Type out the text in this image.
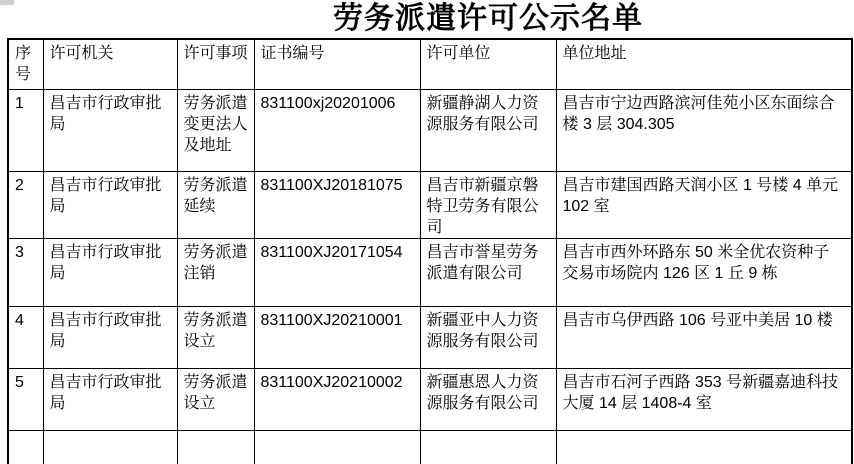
劳务派遣许可公示名单
序号	许可机关	许可事项	证书编号	许可单位	单位地址
1	昌吉市行政审批局	劳务派遣变更法人及地址	831100xj20201006	新疆静湖人力资源服务有限公司	昌吉市宁边西路滨河佳苑小区东面综合楼 3 层 304.305
2	昌吉市行政审批局	劳务派遣延续	831100XJ20181075	昌吉市新疆京磐特卫劳务有限公司	昌吉市建国西路天润小区 1 号楼 4 单元 102 室
3	昌吉市行政审批局	劳务派遣注销	831100XJ20171054	昌吉市誉星劳务派遣有限公司	昌吉市西外环路东 50 米全优农资种子交易市场院内 126 区 1 丘 9 栋
4	昌吉市行政审批局	劳务派遣设立	831100XJ20210001	新疆亚中人力资源服务有限公司	昌吉市乌伊西路 106 号亚中美居 10 楼
5	昌吉市行政审批局	劳务派遣设立	831100XJ20210002	新疆惠恩人力资源服务有限公司	昌吉市石河子西路 353 号新疆嘉迪科技大厦 14 层 1408-4 室
